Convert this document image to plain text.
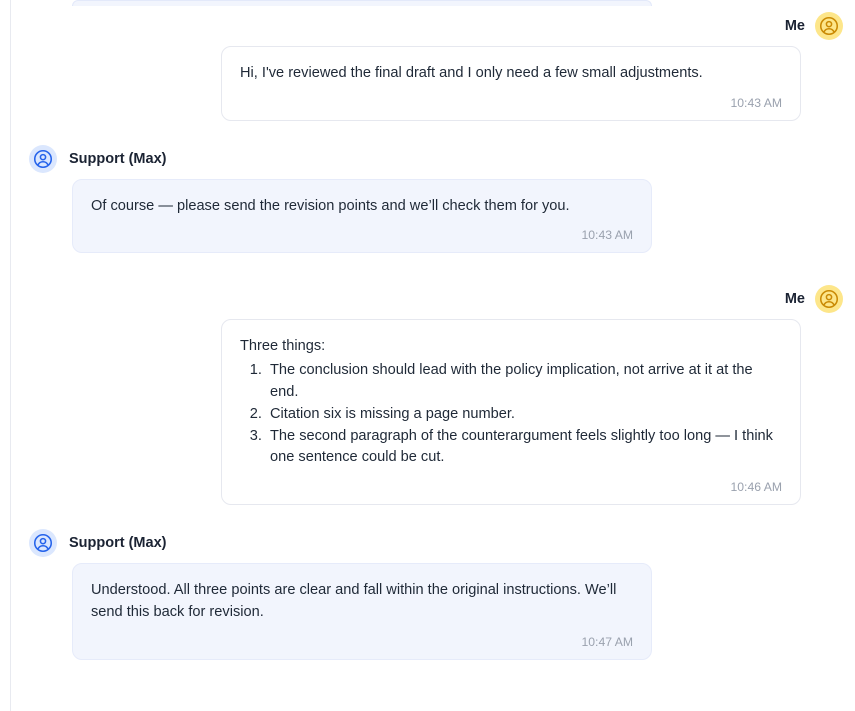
Me
Hi, I've reviewed the final draft and I only need a few small adjustments.
10:43 AM
Support (Max)
Of course — please send the revision points and we’ll check them for you.
10:43 AM
Me
Three things:
1. The conclusion should lead with the policy implication, not arrive at it at the end.
2. Citation six is missing a page number.
3. The second paragraph of the counterargument feels slightly too long — I think one sentence could be cut.
10:46 AM
Support (Max)
Understood. All three points are clear and fall within the original instructions. We’ll send this back for revision.
10:47 AM
